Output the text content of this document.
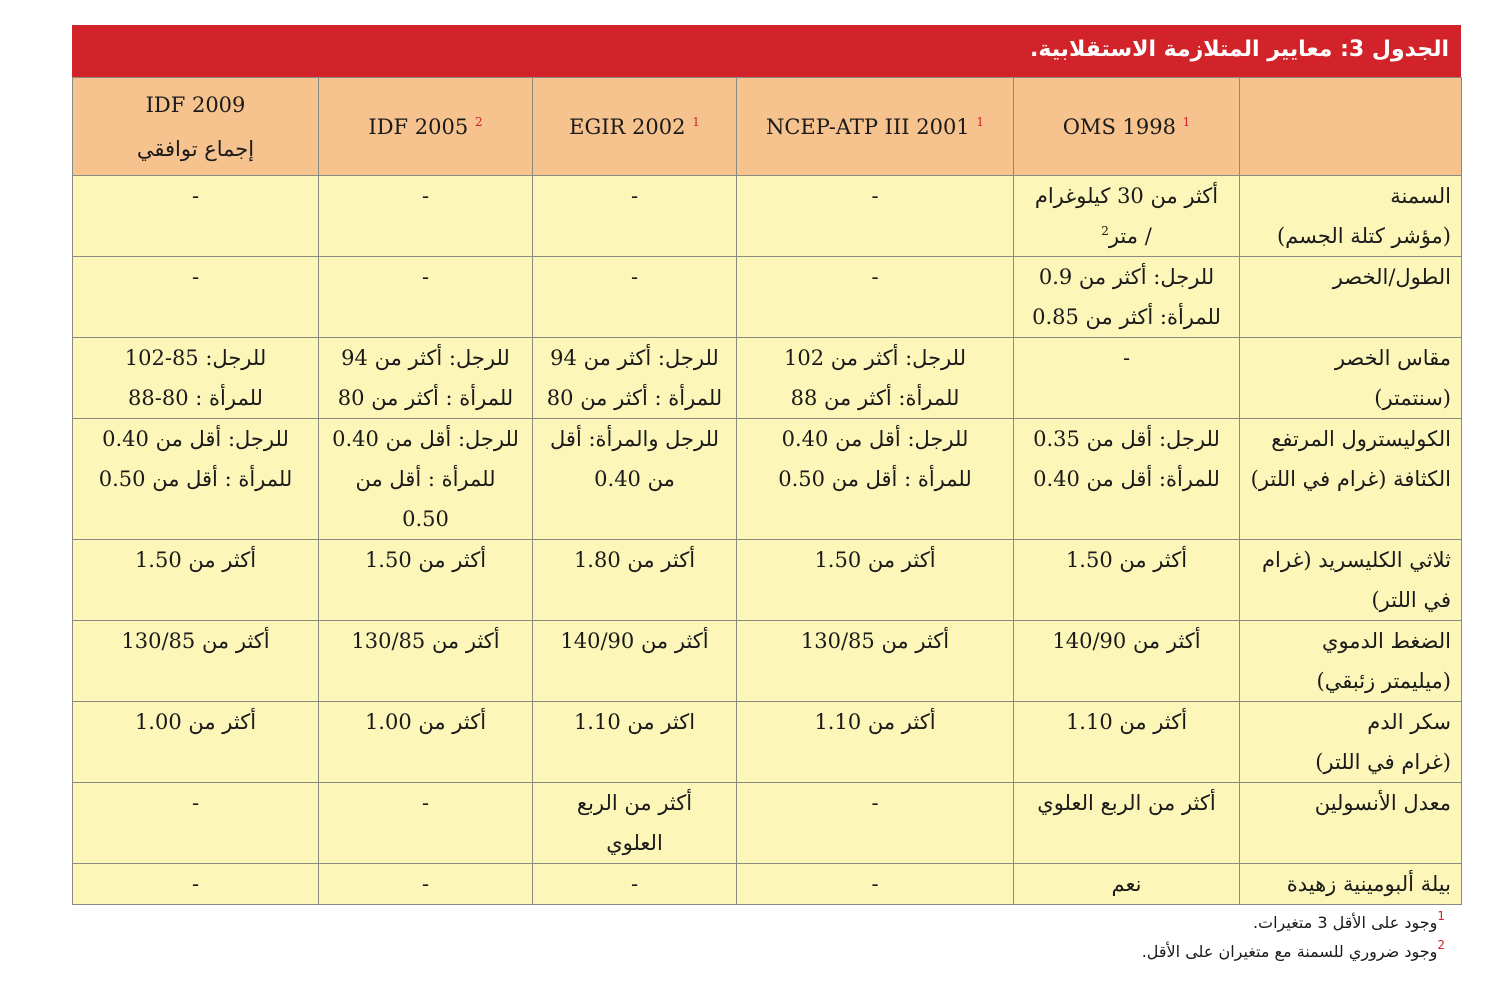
الجدول 3: معايير المتلازمة الاستقلابية.

	OMS 1998 $^1$	NCEP-ATP III 2001 $^1$	EGIR 2002 $^1$	IDF 2005 $^2$	IDF 2009
إجماع توافقي

السمنة
(مؤشر كتلة الجسم)	أكثر من 30 كيلوغرام
/ متر$^2$	-	-	-	-

الطول/الخصر	للرجل: أكثر من 0.9
للمرأة: أكثر من 0.85	-	-	-	-

مقاس الخصر
(سنتمتر)	-	للرجل: أكثر من 102
للمرأة: أكثر من 88	للرجل: أكثر من 94
للمرأة : أكثر من 80	للرجل: أكثر من 94
للمرأة : أكثر من 80	للرجل: 85-102
للمرأة : 80-88

الكوليسترول المرتفع
الكثافة (غرام في اللتر)	للرجل: أقل من 0.35
للمرأة: أقل من 0.40	للرجل: أقل من 0.40
للمرأة : أقل من 0.50	للرجل والمرأة: أقل
من 0.40	للرجل: أقل من 0.40
للمرأة : أقل من
0.50	للرجل: أقل من 0.40
للمرأة : أقل من 0.50

ثلاثي الكليسريد (غرام
في اللتر)	أكثر من 1.50	أكثر من 1.50	أكثر من 1.80	أكثر من 1.50	أكثر من 1.50

الضغط الدموي
(ميليمتر زئبقي)	أكثر من 140/90	أكثر من 130/85	أكثر من 140/90	أكثر من 130/85	أكثر من 130/85

سكر الدم
(غرام في اللتر)	أكثر من 1.10	أكثر من 1.10	اكثر من 1.10	أكثر من 1.00	أكثر من 1.00

معدل الأنسولين	أكثر من الربع العلوي	-	أكثر من الربع
العلوي	-	-

بيلة ألبومينية زهيدة	نعم	-	-	-	-
$^1$وجود على الأقل 3 متغيرات.
$^2$وجود ضروري للسمنة مع متغيران على الأقل.
